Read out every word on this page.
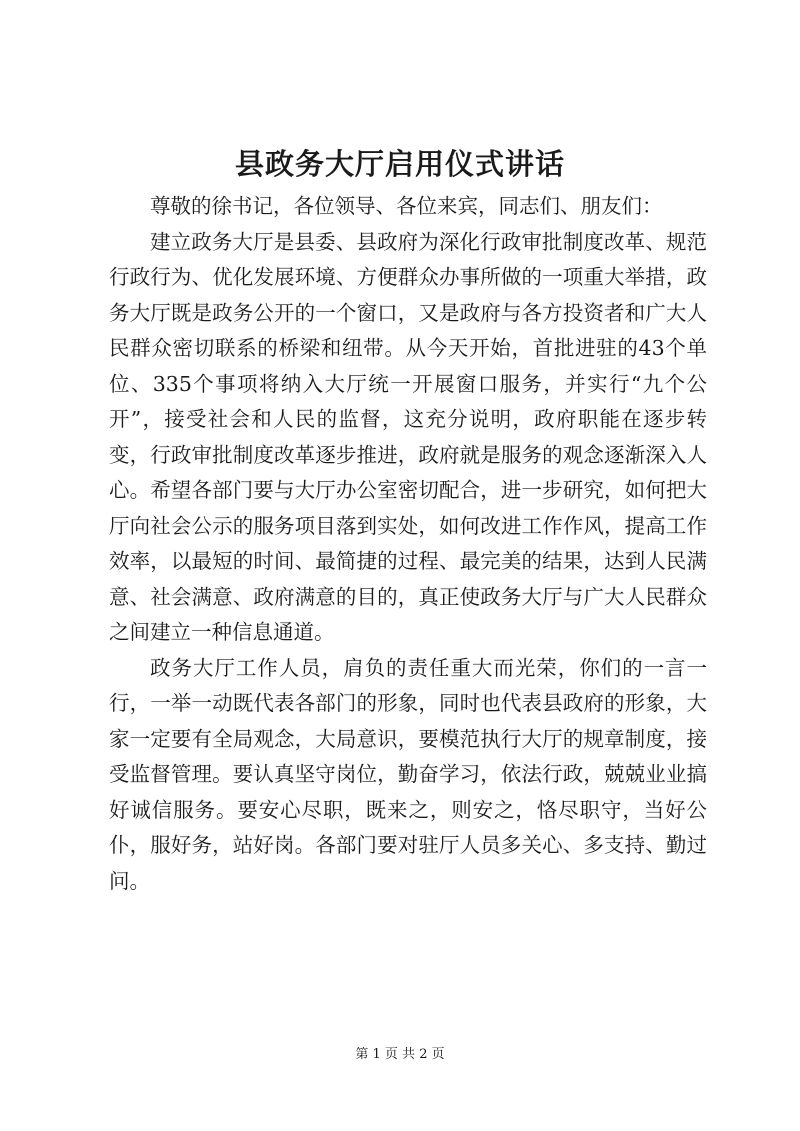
县政务大厅启用仪式讲话

尊敬的徐书记，各位领导、各位来宾，同志们、朋友们：

建立政务大厅是县委、县政府为深化行政审批制度改革、规范行政行为、优化发展环境、方便群众办事所做的一项重大举措，政务大厅既是政务公开的一个窗口，又是政府与各方投资者和广大人民群众密切联系的桥梁和纽带。从今天开始，首批进驻的43个单位、335个事项将纳入大厅统一开展窗口服务，并实行“九个公开”，接受社会和人民的监督，这充分说明，政府职能在逐步转变，行政审批制度改革逐步推进，政府就是服务的观念逐渐深入人心。希望各部门要与大厅办公室密切配合，进一步研究，如何把大厅向社会公示的服务项目落到实处，如何改进工作作风，提高工作效率，以最短的时间、最简捷的过程、最完美的结果，达到人民满意、社会满意、政府满意的目的，真正使政务大厅与广大人民群众之间建立一种信息通道。

政务大厅工作人员，肩负的责任重大而光荣，你们的一言一行，一举一动既代表各部门的形象，同时也代表县政府的形象，大家一定要有全局观念，大局意识，要模范执行大厅的规章制度，接受监督管理。要认真坚守岗位，勤奋学习，依法行政，兢兢业业搞好诚信服务。要安心尽职，既来之，则安之，恪尽职守，当好公仆，服好务，站好岗。各部门要对驻厅人员多关心、多支持、勤过问。

第 1 页 共 2 页
